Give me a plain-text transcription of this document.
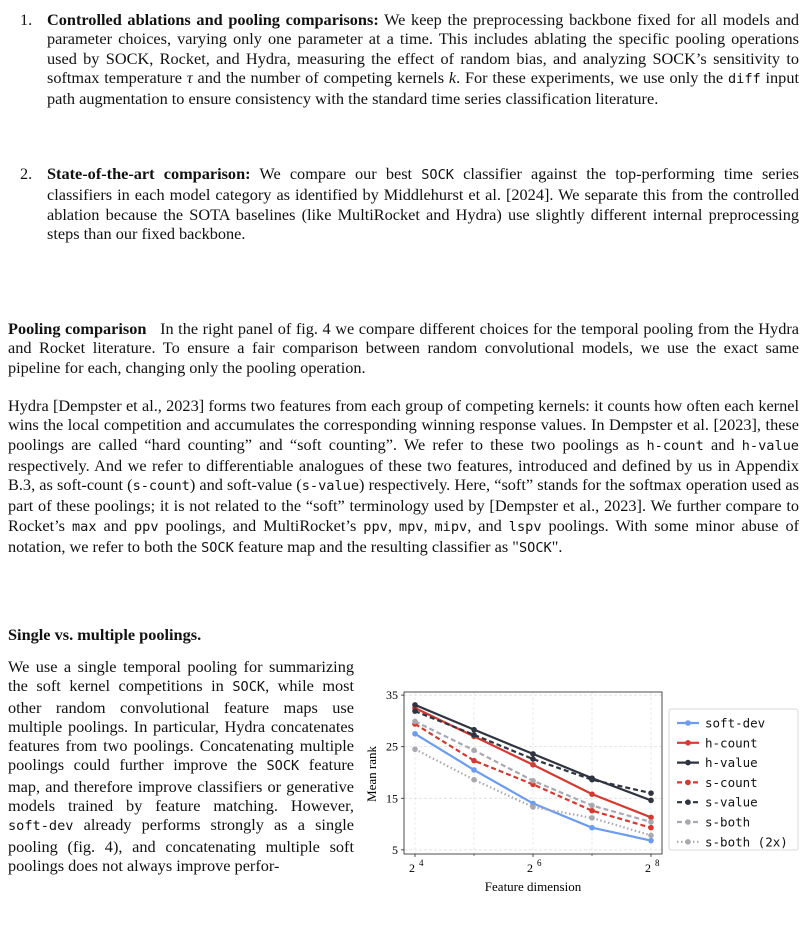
1. Controlled ablations and pooling comparisons: We keep the preprocessing backbone fixed for all models and parameter choices, varying only one parameter at a time. This includes ablating the specific pooling operations used by SOCK, Rocket, and Hydra, measuring the effect of random bias, and analyzing SOCK’s sensitivity to softmax temperature τ and the number of competing kernels k. For these experiments, we use only the diff input path augmentation to ensure consistency with the standard time series classification literature.
2. State-of-the-art comparison: We compare our best SOCK classifier against the top-performing time series classifiers in each model category as identified by Middlehurst et al. [2024]. We separate this from the controlled ablation because the SOTA baselines (like MultiRocket and Hydra) use slightly different internal preprocessing steps than our fixed backbone.
Pooling comparison In the right panel of fig. 4 we compare different choices for the temporal pooling from the Hydra and Rocket literature. To ensure a fair comparison between random convolutional models, we use the exact same pipeline for each, changing only the pooling operation.
Hydra [Dempster et al., 2023] forms two features from each group of competing kernels: it counts how often each kernel wins the local competition and accumulates the corresponding winning response values. In Dempster et al. [2023], these poolings are called “hard counting” and “soft counting”. We refer to these two poolings as h-count and h-value respectively. And we refer to differentiable analogues of these two features, introduced and defined by us in Appendix B.3, as soft-count (s-count) and soft-value (s-value) respectively. Here, “soft” stands for the softmax operation used as part of these poolings; it is not related to the “soft” terminology used by [Dempster et al., 2023]. We further compare to Rocket’s max and ppv poolings, and MultiRocket’s ppv, mpv, mipv, and lspv poolings. With some minor abuse of notation, we refer to both the SOCK feature map and the resulting classifier as "SOCK".
Single vs. multiple poolings.
We use a single temporal pooling for summarizing the soft kernel competitions in SOCK, while most other random convolutional feature maps use multiple poolings. In particular, Hydra concatenates features from two poolings. Concatenating multiple poolings could further improve the SOCK feature map, and therefore improve classifiers or generative models trained by feature matching. However, soft-dev already performs strongly as a single pooling (fig. 4), and concatenating multiple soft poolings does not always improve perfor-
5
15
25
35
2 4	2 6	2 8
Mean rank
Feature dimension
soft-dev
h-count
h-value
s-count
s-value
s-both
s-both (2x)
